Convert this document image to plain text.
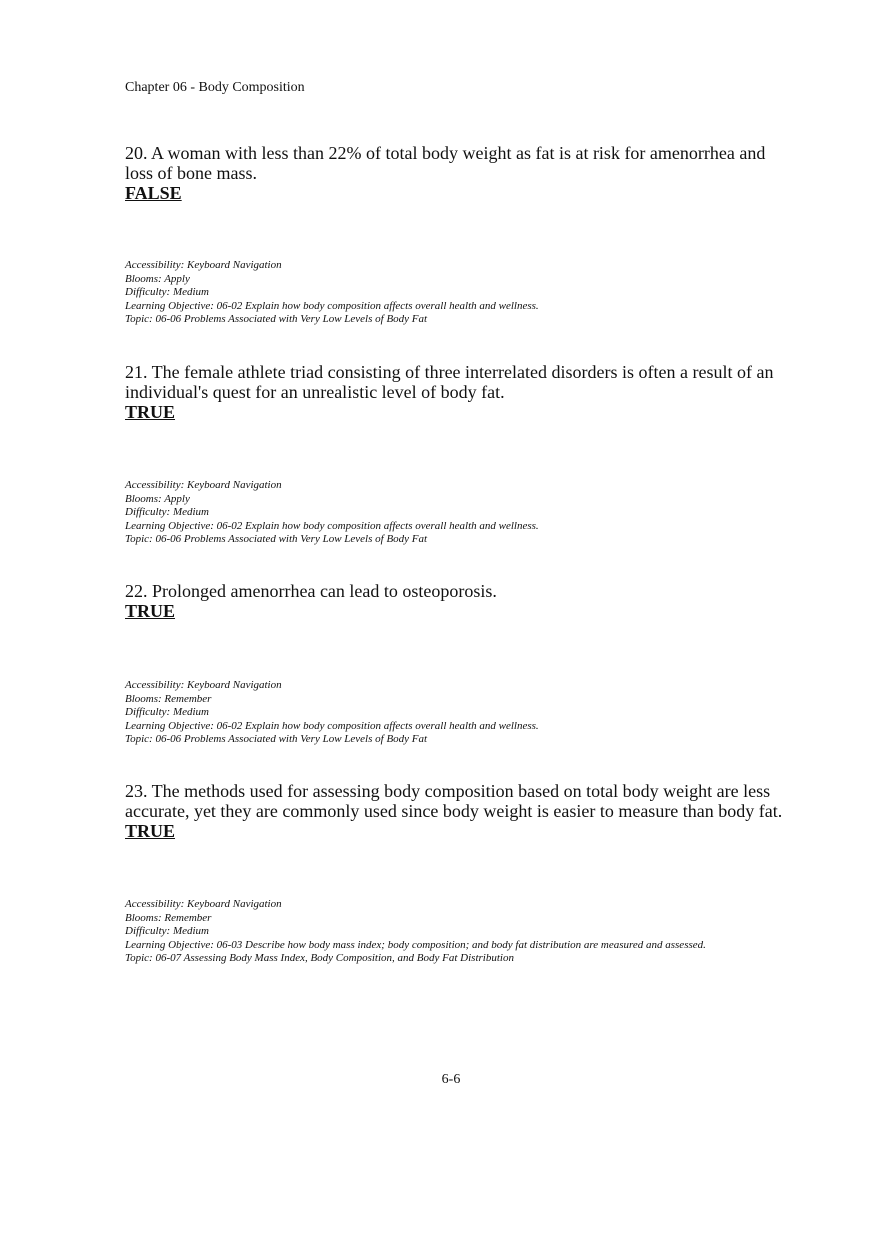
Chapter 06 - Body Composition

20. A woman with less than 22% of total body weight as fat is at risk for amenorrhea and loss of bone mass.

FALSE

Accessibility: Keyboard Navigation
Blooms: Apply
Difficulty: Medium
Learning Objective: 06-02 Explain how body composition affects overall health and wellness.
Topic: 06-06 Problems Associated with Very Low Levels of Body Fat

21. The female athlete triad consisting of three interrelated disorders is often a result of an individual's quest for an unrealistic level of body fat.

TRUE

Accessibility: Keyboard Navigation
Blooms: Apply
Difficulty: Medium
Learning Objective: 06-02 Explain how body composition affects overall health and wellness.
Topic: 06-06 Problems Associated with Very Low Levels of Body Fat

22. Prolonged amenorrhea can lead to osteoporosis.

TRUE

Accessibility: Keyboard Navigation
Blooms: Remember
Difficulty: Medium
Learning Objective: 06-02 Explain how body composition affects overall health and wellness.
Topic: 06-06 Problems Associated with Very Low Levels of Body Fat

23. The methods used for assessing body composition based on total body weight are less accurate, yet they are commonly used since body weight is easier to measure than body fat.

TRUE

Accessibility: Keyboard Navigation
Blooms: Remember
Difficulty: Medium
Learning Objective: 06-03 Describe how body mass index; body composition; and body fat distribution are measured and assessed.
Topic: 06-07 Assessing Body Mass Index, Body Composition, and Body Fat Distribution
6-6
